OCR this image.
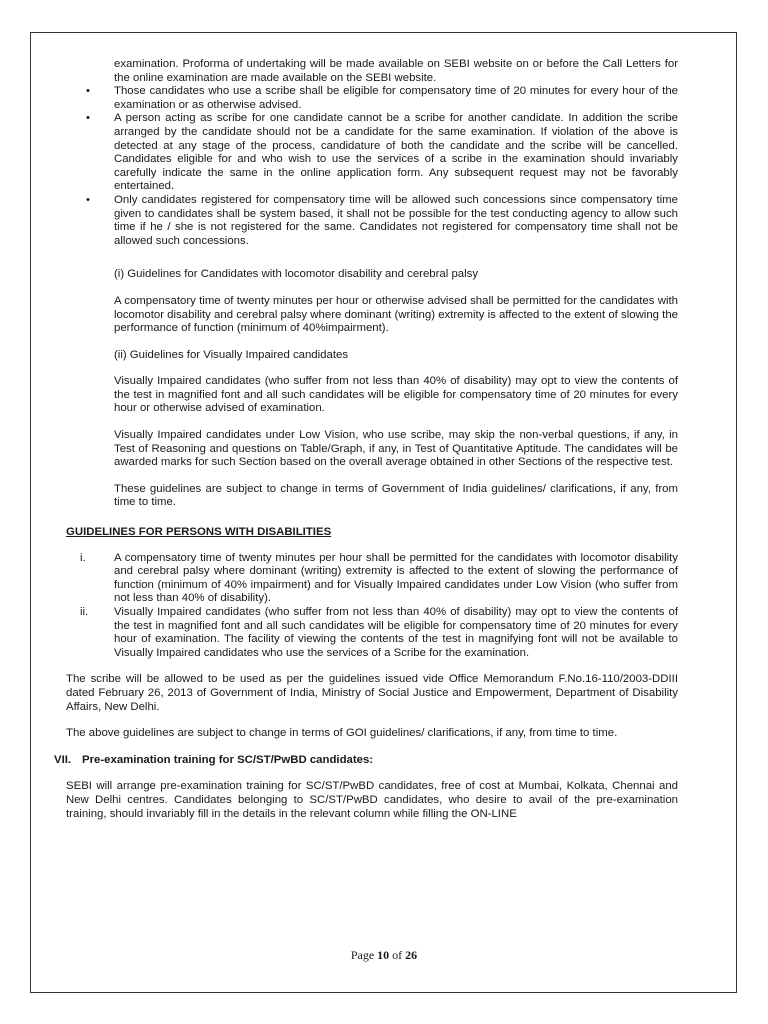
examination. Proforma of undertaking will be made available on SEBI website on or before the Call Letters for the online examination are made available on the SEBI website.

• Those candidates who use a scribe shall be eligible for compensatory time of 20 minutes for every hour of the examination or as otherwise advised.
• A person acting as scribe for one candidate cannot be a scribe for another candidate. In addition the scribe arranged by the candidate should not be a candidate for the same examination. If violation of the above is detected at any stage of the process, candidature of both the candidate and the scribe will be cancelled. Candidates eligible for and who wish to use the services of a scribe in the examination should invariably carefully indicate the same in the online application form. Any subsequent request may not be favorably entertained.
• Only candidates registered for compensatory time will be allowed such concessions since compensatory time given to candidates shall be system based, it shall not be possible for the test conducting agency to allow such time if he / she is not registered for the same. Candidates not registered for compensatory time shall not be allowed such concessions.

(i) Guidelines for Candidates with locomotor disability and cerebral palsy

A compensatory time of twenty minutes per hour or otherwise advised shall be permitted for the candidates with locomotor disability and cerebral palsy where dominant (writing) extremity is affected to the extent of slowing the performance of function (minimum of 40%impairment).

(ii) Guidelines for Visually Impaired candidates

Visually Impaired candidates (who suffer from not less than 40% of disability) may opt to view the contents of the test in magnified font and all such candidates will be eligible for compensatory time of 20 minutes for every hour or otherwise advised of examination.

Visually Impaired candidates under Low Vision, who use scribe, may skip the non-verbal questions, if any, in Test of Reasoning and questions on Table/Graph, if any, in Test of Quantitative Aptitude. The candidates will be awarded marks for such Section based on the overall average obtained in other Sections of the respective test.

These guidelines are subject to change in terms of Government of India guidelines/ clarifications, if any, from time to time.

GUIDELINES FOR PERSONS WITH DISABILITIES

i. A compensatory time of twenty minutes per hour shall be permitted for the candidates with locomotor disability and cerebral palsy where dominant (writing) extremity is affected to the extent of slowing the performance of function (minimum of 40% impairment) and for Visually Impaired candidates under Low Vision (who suffer from not less than 40% of disability).
ii. Visually Impaired candidates (who suffer from not less than 40% of disability) may opt to view the contents of the test in magnified font and all such candidates will be eligible for compensatory time of 20 minutes for every hour of examination. The facility of viewing the contents of the test in magnifying font will not be available to Visually Impaired candidates who use the services of a Scribe for the examination.

The scribe will be allowed to be used as per the guidelines issued vide Office Memorandum F.No.16-110/2003-DDIII dated February 26, 2013 of Government of India, Ministry of Social Justice and Empowerment, Department of Disability Affairs, New Delhi.

The above guidelines are subject to change in terms of GOI guidelines/ clarifications, if any, from time to time.

VII. Pre-examination training for SC/ST/PwBD candidates:

SEBI will arrange pre-examination training for SC/ST/PwBD candidates, free of cost at Mumbai, Kolkata, Chennai and New Delhi centres. Candidates belonging to SC/ST/PwBD candidates, who desire to avail of the pre-examination training, should invariably fill in the details in the relevant column while filling the ON-LINE

Page 10 of 26
